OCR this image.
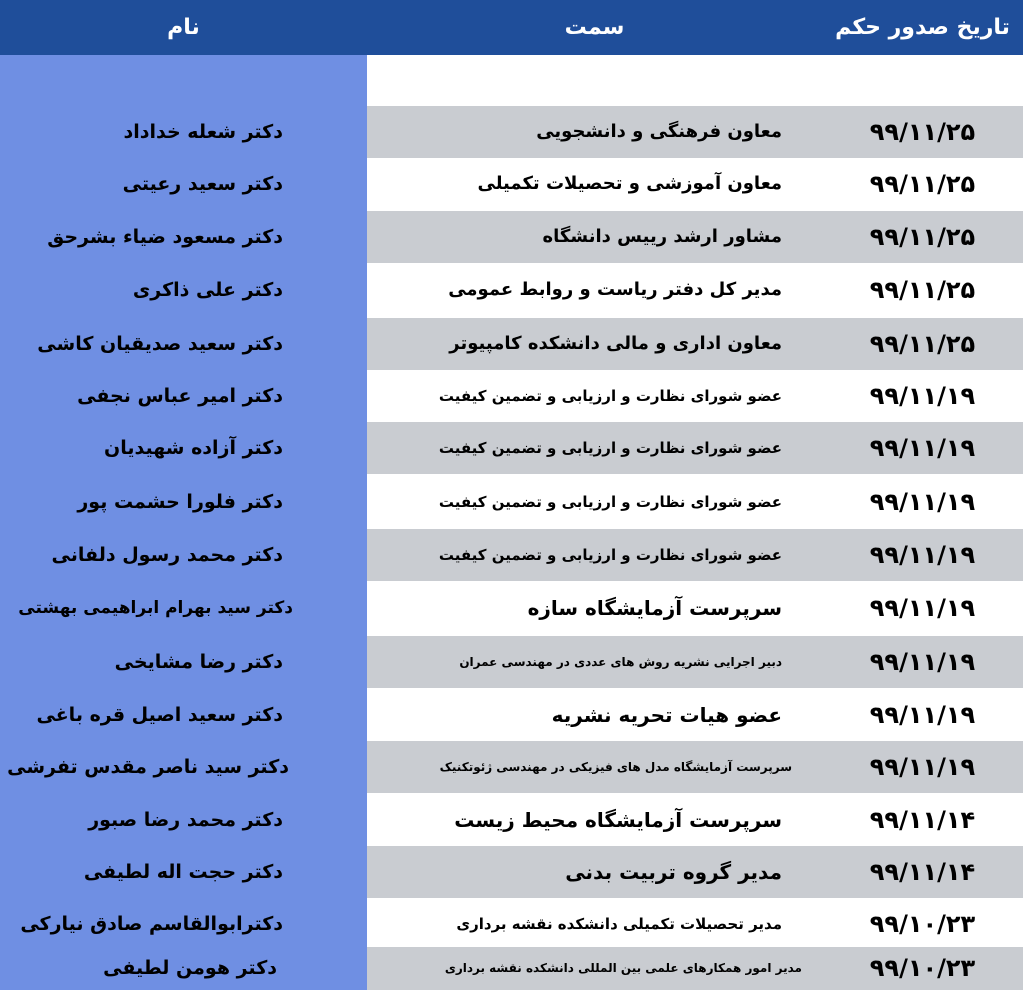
نام	سمت	تاریخ صدور حکم
دکتر شعله خداداد	معاون فرهنگی و دانشجویی	۹۹/۱۱/۲۵
دکتر سعید رعیتی	معاون آموزشی و تحصیلات تکمیلی	۹۹/۱۱/۲۵
دکتر مسعود ضیاء بشرحق	مشاور ارشد رییس دانشگاه	۹۹/۱۱/۲۵
دکتر علی ذاکری	مدیر کل دفتر ریاست و روابط عمومی	۹۹/۱۱/۲۵
دکتر سعید صدیقیان کاشی	معاون اداری و مالی دانشکده کامپیوتر	۹۹/۱۱/۲۵
دکتر امیر عباس نجفی	عضو شورای نظارت و ارزیابی و تضمین کیفیت	۹۹/۱۱/۱۹
دکتر آزاده شهیدیان	عضو شورای نظارت و ارزیابی و تضمین کیفیت	۹۹/۱۱/۱۹
دکتر فلورا حشمت پور	عضو شورای نظارت و ارزیابی و تضمین کیفیت	۹۹/۱۱/۱۹
دکتر محمد رسول دلفانی	عضو شورای نظارت و ارزیابی و تضمین کیفیت	۹۹/۱۱/۱۹
دکتر سید بهرام ابراهیمی بهشتی	سرپرست آزمایشگاه سازه	۹۹/۱۱/۱۹
دکتر رضا مشایخی	دبیر اجرایی نشریه روش های عددی در مهندسی عمران	۹۹/۱۱/۱۹
دکتر سعید اصیل قره باغی	عضو هیات تحریه نشریه	۹۹/۱۱/۱۹
دکتر سید ناصر مقدس تفرشی	سرپرست آزمایشگاه مدل های فیزیکی در مهندسی ژئوتکنیک	۹۹/۱۱/۱۹
دکتر محمد رضا صبور	سرپرست آزمایشگاه محیط زیست	۹۹/۱۱/۱۴
دکتر حجت اله لطیفی	مدیر گروه تربیت بدنی	۹۹/۱۱/۱۴
دکترابوالقاسم صادق نیارکی	مدیر تحصیلات تکمیلی دانشکده نقشه برداری	۹۹/۱۰/۲۳
دکتر هومن لطیفی	مدیر امور همکارهای علمی بین المللی دانشکده نقشه برداری	۹۹/۱۰/۲۳
